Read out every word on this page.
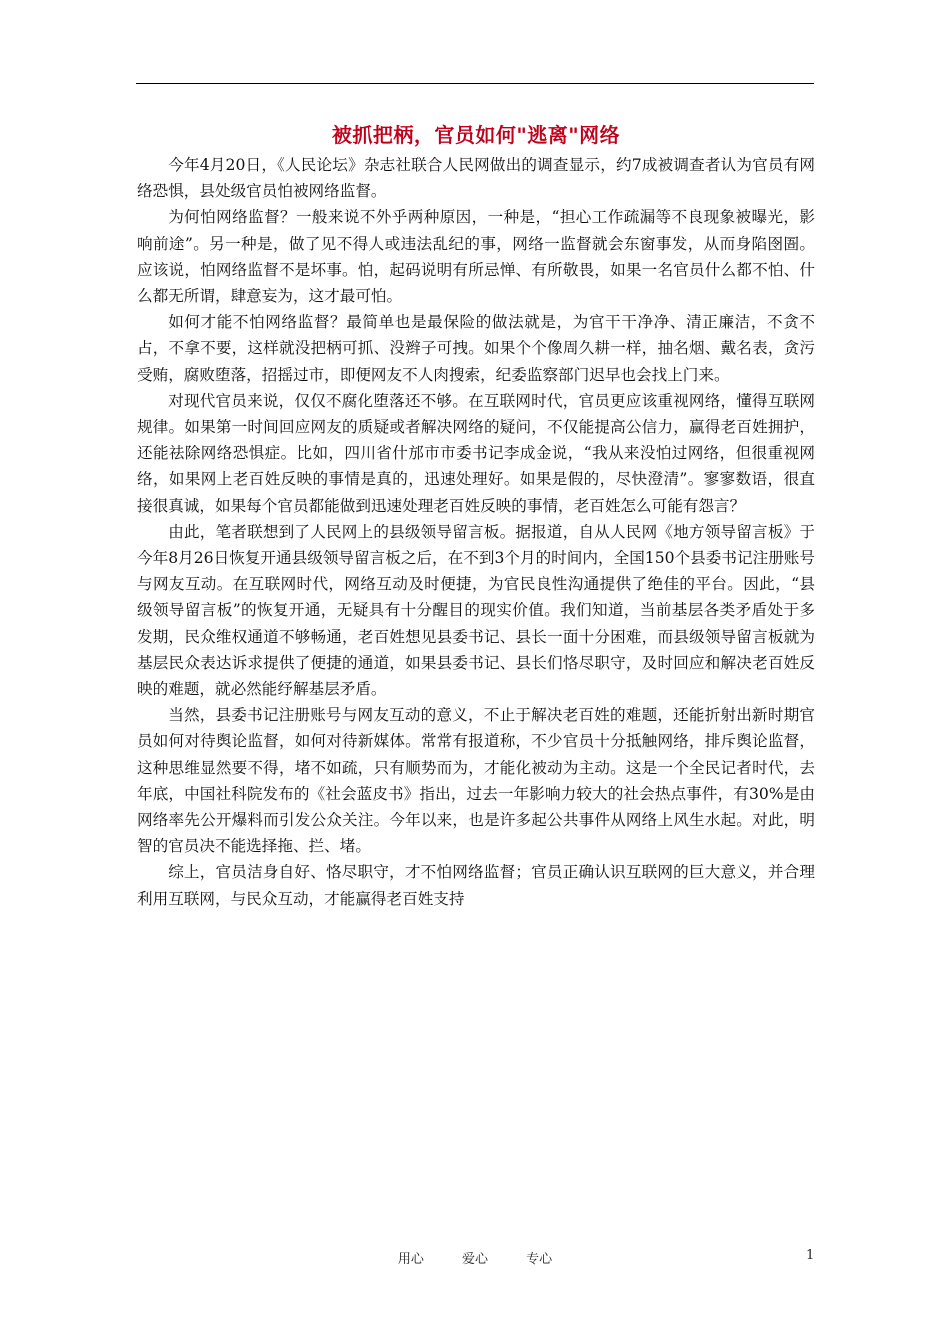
被抓把柄，官员如何"逃离"网络

今年4月20日，《人民论坛》杂志社联合人民网做出的调查显示，约7成被调查者认为官员有网络恐惧，县处级官员怕被网络监督。

为何怕网络监督？一般来说不外乎两种原因，一种是，“担心工作疏漏等不良现象被曝光，影响前途”。另一种是，做了见不得人或违法乱纪的事，网络一监督就会东窗事发，从而身陷囹圄。应该说，怕网络监督不是坏事。怕，起码说明有所忌惮、有所敬畏，如果一名官员什么都不怕、什么都无所谓，肆意妄为，这才最可怕。

如何才能不怕网络监督？最简单也是最保险的做法就是，为官干干净净、清正廉洁，不贪不占，不拿不要，这样就没把柄可抓、没辫子可拽。如果个个像周久耕一样，抽名烟、戴名表，贪污受贿，腐败堕落，招摇过市，即便网友不人肉搜索，纪委监察部门迟早也会找上门来。

对现代官员来说，仅仅不腐化堕落还不够。在互联网时代，官员更应该重视网络，懂得互联网规律。如果第一时间回应网友的质疑或者解决网络的疑问，不仅能提高公信力，赢得老百姓拥护，还能祛除网络恐惧症。比如，四川省什邡市市委书记李成金说，“我从来没怕过网络，但很重视网络，如果网上老百姓反映的事情是真的，迅速处理好。如果是假的，尽快澄清”。寥寥数语，很直接很真诚，如果每个官员都能做到迅速处理老百姓反映的事情，老百姓怎么可能有怨言？

由此，笔者联想到了人民网上的县级领导留言板。据报道，自从人民网《地方领导留言板》于今年8月26日恢复开通县级领导留言板之后，在不到3个月的时间内，全国150个县委书记注册账号与网友互动。在互联网时代，网络互动及时便捷，为官民良性沟通提供了绝佳的平台。因此，“县级领导留言板”的恢复开通，无疑具有十分醒目的现实价值。我们知道，当前基层各类矛盾处于多发期，民众维权通道不够畅通，老百姓想见县委书记、县长一面十分困难，而县级领导留言板就为基层民众表达诉求提供了便捷的通道，如果县委书记、县长们恪尽职守，及时回应和解决老百姓反映的难题，就必然能纾解基层矛盾。

当然，县委书记注册账号与网友互动的意义，不止于解决老百姓的难题，还能折射出新时期官员如何对待舆论监督，如何对待新媒体。常常有报道称，不少官员十分抵触网络，排斥舆论监督，这种思维显然要不得，堵不如疏，只有顺势而为，才能化被动为主动。这是一个全民记者时代，去年底，中国社科院发布的《社会蓝皮书》指出，过去一年影响力较大的社会热点事件，有30%是由网络率先公开爆料而引发公众关注。今年以来，也是许多起公共事件从网络上风生水起。对此，明智的官员决不能选择拖、拦、堵。

综上，官员洁身自好、恪尽职守，才不怕网络监督；官员正确认识互联网的巨大意义，并合理利用互联网，与民众互动，才能赢得老百姓支持

用心	爱心	专心	1
